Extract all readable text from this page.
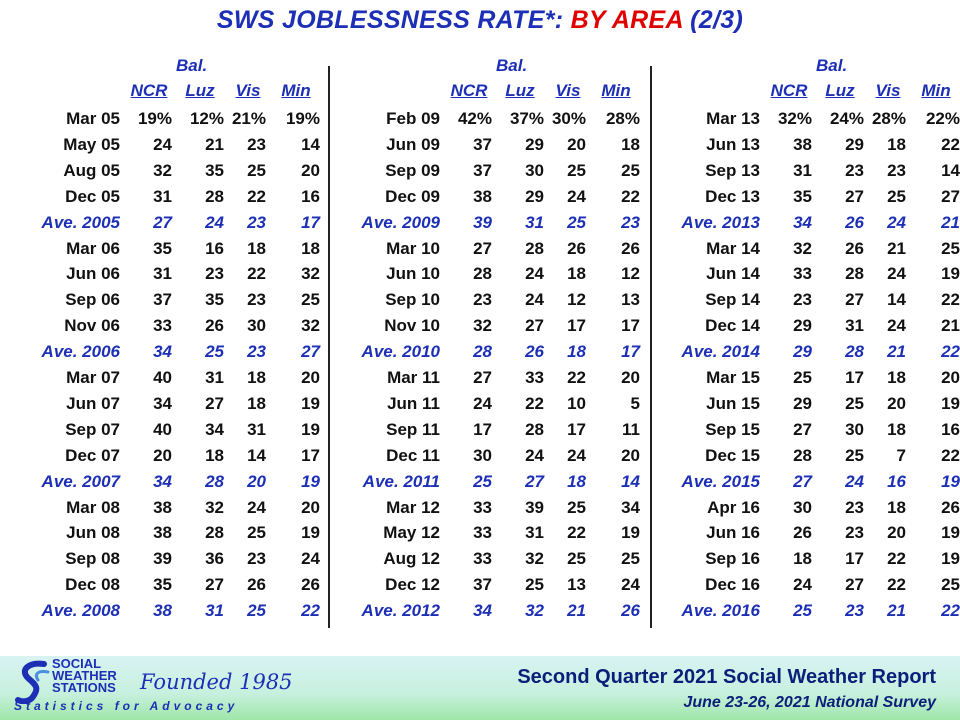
SWS JOBLESSNESS RATE*: BY AREA (2/3)
Bal.
NCR	Luz	Vis	Min
Mar 05 19% 12% 21% 19%
May 05 24 21 23 14
Aug 05 32 35 25 20
Dec 05 31 28 22 16
Ave. 2005 27 24 23 17
Mar 06 35 16 18 18
Jun 06 31 23 22 32
Sep 06 37 35 23 25
Nov 06 33 26 30 32
Ave. 2006 34 25 23 27
Mar 07 40 31 18 20
Jun 07 34 27 18 19
Sep 07 40 34 31 19
Dec 07 20 18 14 17
Ave. 2007 34 28 20 19
Mar 08 38 32 24 20
Jun 08 38 28 25 19
Sep 08 39 36 23 24
Dec 08 35 27 26 26
Ave. 2008 38 31 25 22
Bal.
NCR	Luz	Vis	Min
Feb 09 42% 37% 30% 28%
Jun 09 37 29 20 18
Sep 09 37 30 25 25
Dec 09 38 29 24 22
Ave. 2009 39 31 25 23
Mar 10 27 28 26 26
Jun 10 28 24 18 12
Sep 10 23 24 12 13
Nov 10 32 27 17 17
Ave. 2010 28 26 18 17
Mar 11 27 33 22 20
Jun 11 24 22 10	5
Sep 11 17 28 17 11
Dec 11 30 24 24 20
Ave. 2011 25 27 18 14
Mar 12 33 39 25 34
May 12 33 31 22 19
Aug 12 33 32 25 25
Dec 12 37 25 13 24
Ave. 2012 34 32 21 26
Bal.
NCR	Luz	Vis	Min
Mar 13 32% 24% 28% 22%
Jun 13 38 29 18 22
Sep 13 31 23 23 14
Dec 13 35 27 25 27
Ave. 2013 34 26 24 21
Mar 14 32 26 21 25
Jun 14 33 28 24 19
Sep 14 23 27 14 22
Dec 14 29 31 24 21
Ave. 2014 29 28 21 22
Mar 15 25 17 18 20
Jun 15 29 25 20 19
Sep 15 27 30 18 16
Dec 15 28 25 7 22
Ave. 2015 27 24 16 19
Apr 16 30 23 18 26
Jun 16 26 23 20 19
Sep 16 18 17 22 19
Dec 16 24 27 22 25
Ave. 2016 25 23 21 22
SOCIAL
WEATHER
STATIONS Founded 1985
Statistics for Advocacy
Second Quarter 2021 Social Weather Report
June 23-26, 2021 National Survey
